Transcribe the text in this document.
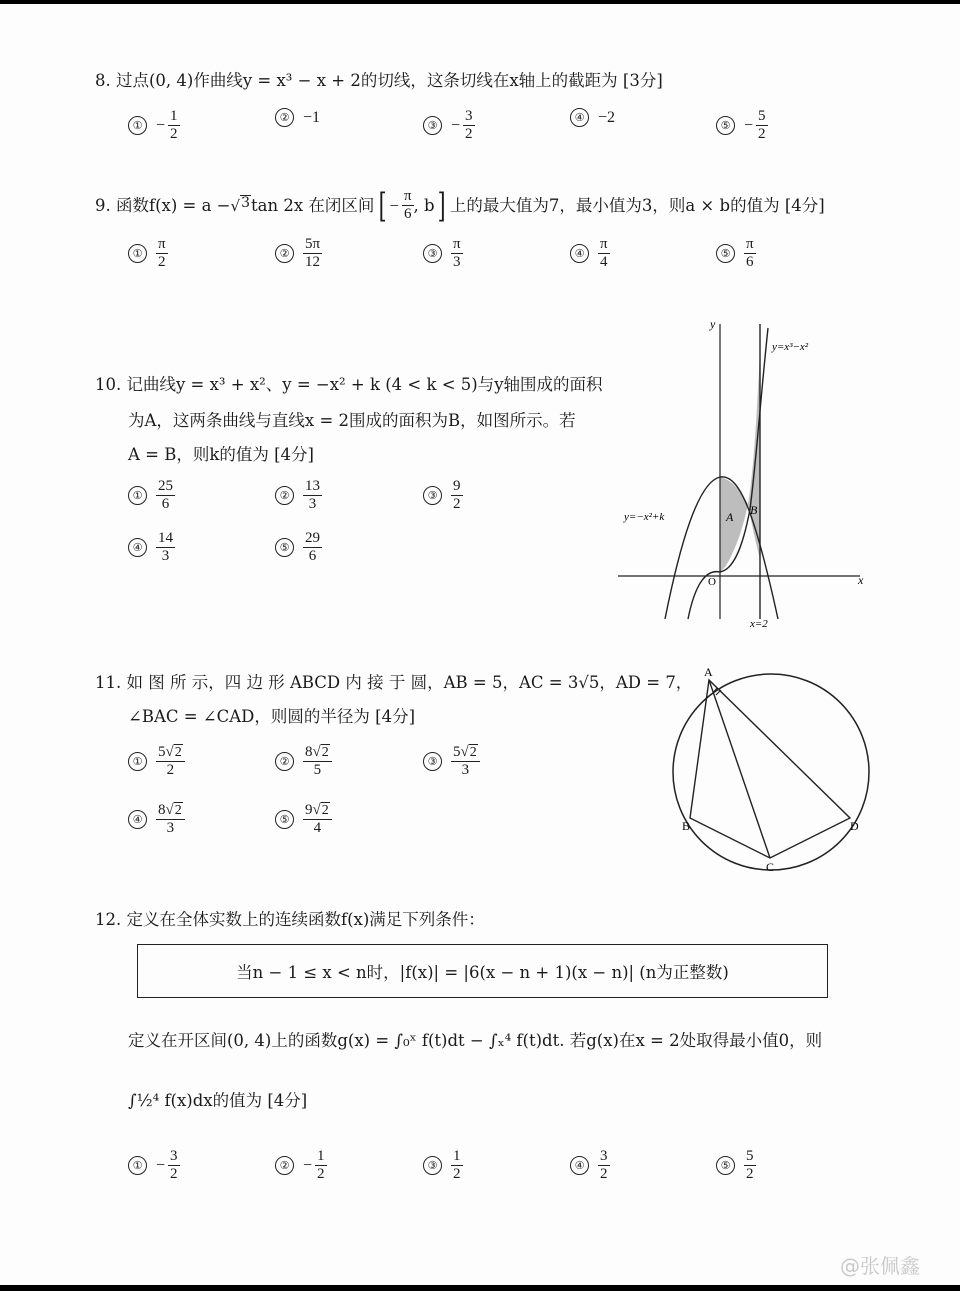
8. 过点(0, 4)作曲线y = x³ − x + 2的切线，这条切线在x轴上的截距为 [3分]
① − $\frac{1}{2}$	② −1	③ − $\frac{3}{2}$	④ −2	⑤ − $\frac{5}{2}$
9. 函数f(x) = a − √ 3 tan 2x 在闭区间 [ − $\frac{\pi}{6}$ , b ] 上的最大值为7，最小值为3，则a × b的值为 [4分]
① $\frac{\pi}{2}$	② $\frac{5\pi}{12}$	③ $\frac{\pi}{3}$	④ $\frac{\pi}{4}$	⑤ $\frac{\pi}{6}$
10. 记曲线y = x³ + x²、y = −x² + k (4 < k < 5)与y轴围成的面积
为A，这两条曲线与直线x = 2围成的面积为B，如图所示。若
A = B，则k的值为 [4分]
① $\frac{25}{6}$	② $\frac{13}{3}$	③ $\frac{9}{2}$
④ $\frac{14}{3}$	⑤ $\frac{29}{6}$
y
x
y=x³−x²
y=−x²+k	A B
O
x=2
11. 如 图 所 示，四 边 形 ABCD 内 接 于 圆，AB = 5，AC = 3√5，AD = 7，
∠BAC = ∠CAD，则圆的半径为 [4分]
① $\frac{5 √ 2}{2}$	② $\frac{8 √ 2}{5}$	③ $\frac{5 √ 2}{3}$
④ $\frac{8 √ 2}{3}$	⑤ $\frac{9 √ 2}{4}$
A
B
C
D
12. 定义在全体实数上的连续函数f(x)满足下列条件：
当n − 1 ≤ x < n时，|f(x)| = |6(x − n + 1)(x − n)| (n为正整数)
定义在开区间(0, 4)上的函数g(x) = ∫₀ˣ f(t)dt − ∫ₓ⁴ f(t)dt. 若g(x)在x = 2处取得最小值0，则
∫½⁴ f(x)dx的值为 [4分]
① − $\frac{3}{2}$	② − $\frac{1}{2}$	③ $\frac{1}{2}$	④ $\frac{3}{2}$	⑤ $\frac{5}{2}$
@张佩鑫
